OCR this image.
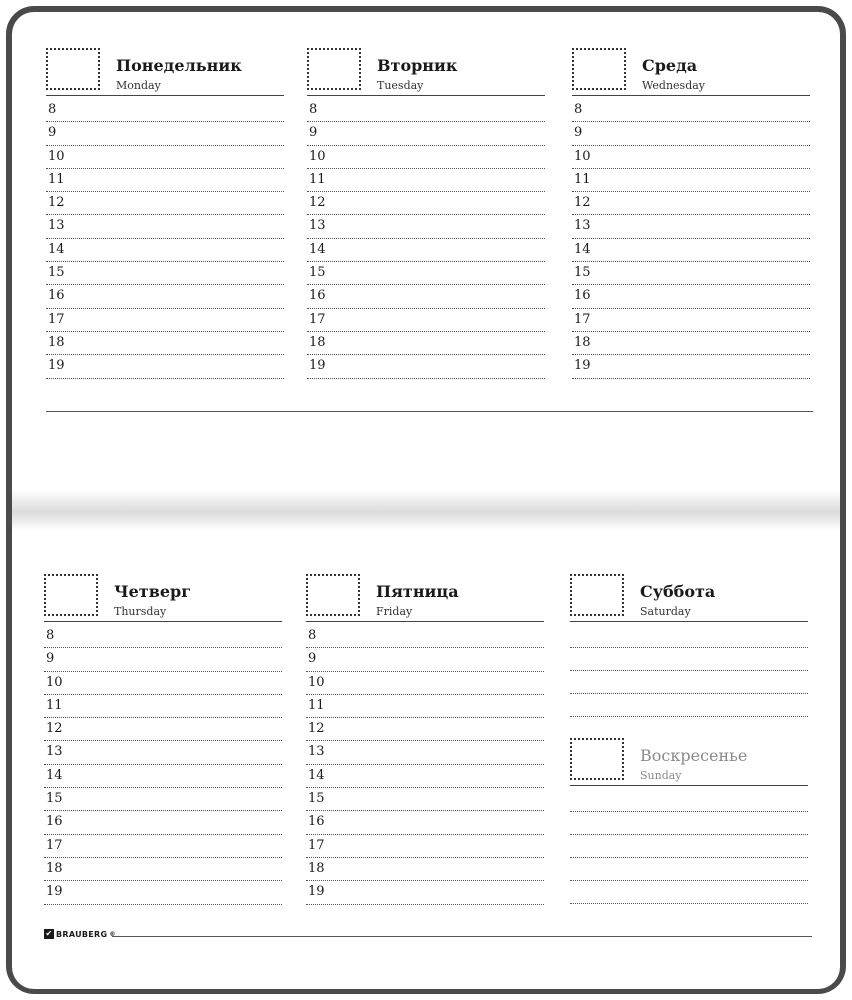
Понедельник
Monday
8
9
10
11
12
13
14
15
16
17
18
19
Вторник
Tuesday
8
9
10
11
12
13
14
15
16
17
18
19
Среда
Wednesday
8
9
10
11
12
13
14
15
16
17
18
19
Четверг
Thursday
8
9
10
11
12
13
14
15
16
17
18
19
Пятница
Friday
8
9
10
11
12
13
14
15
16
17
18
19
Суббота
Saturday
Воскресенье
Sunday
✔ BRAUBERG ®
